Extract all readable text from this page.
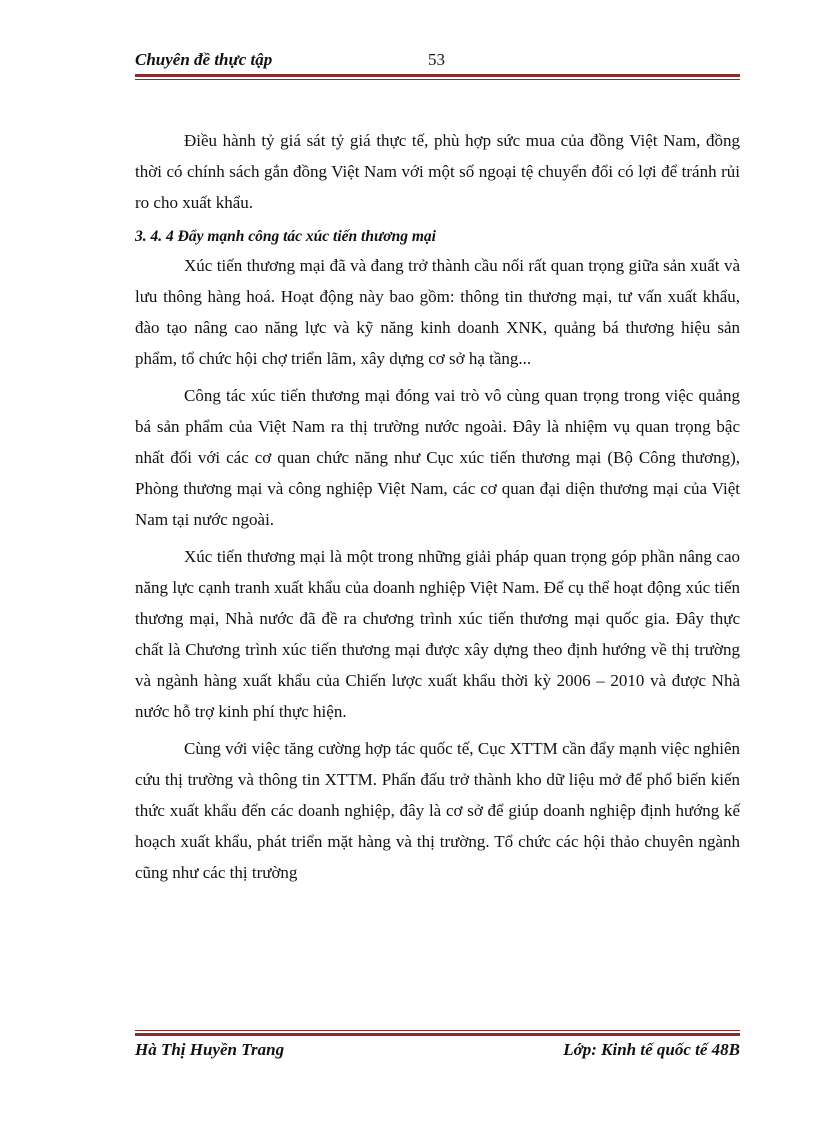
Chuyên đề thực tập	53

Điều hành tỷ giá sát tỷ giá thực tế, phù hợp sức mua của đồng Việt Nam, đồng thời có chính sách gắn đồng Việt Nam với một số ngoại tệ chuyển đổi có lợi để tránh rủi ro cho xuất khẩu.

3. 4. 4 Đẩy mạnh công tác xúc tiến thương mại

Xúc tiến thương mại đã và đang trở thành cầu nối rất quan trọng giữa sản xuất và lưu thông hàng hoá. Hoạt động này bao gồm: thông tin thương mại, tư vấn xuất khẩu, đào tạo nâng cao năng lực và kỹ năng kinh doanh XNK, quảng bá thương hiệu sản phẩm, tổ chức hội chợ triển lãm, xây dựng cơ sở hạ tầng...

Công tác xúc tiến thương mại đóng vai trò vô cùng quan trọng trong việc quảng bá sản phẩm của Việt Nam ra thị trường nước ngoài. Đây là nhiệm vụ quan trọng bậc nhất đối với các cơ quan chức năng như Cục xúc tiến thương mại (Bộ Công thương), Phòng thương mại và công nghiệp Việt Nam, các cơ quan đại diện thương mại của Việt Nam tại nước ngoài.

Xúc tiến thương mại là một trong những giải pháp quan trọng góp phần nâng cao năng lực cạnh tranh xuất khẩu của doanh nghiệp Việt Nam. Để cụ thể hoạt động xúc tiến thương mại, Nhà nước đã đề ra chương trình xúc tiến thương mại quốc gia. Đây thực chất là Chương trình xúc tiến thương mại được xây dựng theo định hướng về thị trường và ngành hàng xuất khẩu của Chiến lược xuất khẩu thời kỳ 2006 – 2010 và được Nhà nước hỗ trợ kinh phí thực hiện.

Cùng với việc tăng cường hợp tác quốc tế, Cục XTTM cần đẩy mạnh việc nghiên cứu thị trường và thông tin XTTM. Phấn đấu trở thành kho dữ liệu mở để phổ biến kiến thức xuất khẩu đến các doanh nghiệp, đây là cơ sở để giúp doanh nghiệp định hướng kế hoạch xuất khẩu, phát triển mặt hàng và thị trường. Tổ chức các hội thảo chuyên ngành cũng như các thị trường

Hà Thị Huyền Trang	Lớp: Kinh tế quốc tế 48B
